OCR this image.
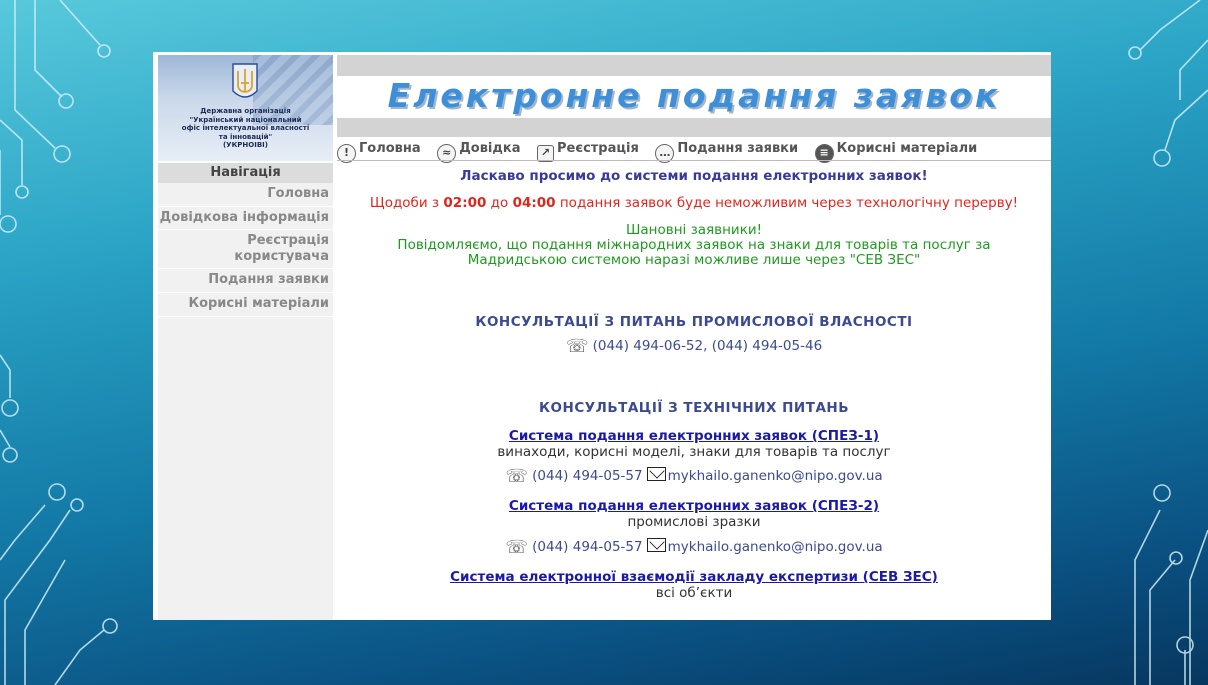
Державна організація
"Український національний
офіс інтелектуальної власності
та інновацій"
(УКРНОІВІ)
Навігація
Головна
Довідкова інформація
Реєстрація користувача
Подання заявки
Корисні матеріали
Електронне подання заявок
! Головна ≈ Довідка ↗ Реєстрація … Подання заявки ≡ Корисні матеріали
Ласкаво просимо до системи подання електронних заявок!
Щодоби з 02:00 до 04:00 подання заявок буде неможливим через технологічну перерву!
Шановні заявники!
Повідомляємо, що подання міжнародних заявок на знаки для товарів та послуг за
Мадридською системою наразі можливе лише через "СЕВ ЗЕС"
КОНСУЛЬТАЦІЇ З ПИТАНЬ ПРОМИСЛОВОЇ ВЛАСНОСТІ
☏ (044) 494-06-52, (044) 494-05-46
КОНСУЛЬТАЦІЇ З ТЕХНІЧНИХ ПИТАНЬ
Система подання електронних заявок (СПЕЗ-1)
винаходи, корисні моделі, знаки для товарів та послуг
☏ (044) 494-05-57 mykhailo.ganenko@nipo.gov.ua
Система подання електронних заявок (СПЕЗ-2)
промислові зразки
☏ (044) 494-05-57 mykhailo.ganenko@nipo.gov.ua
Система електронної взаємодії закладу експертизи (СЕВ ЗЕС)
всі об’єкти
